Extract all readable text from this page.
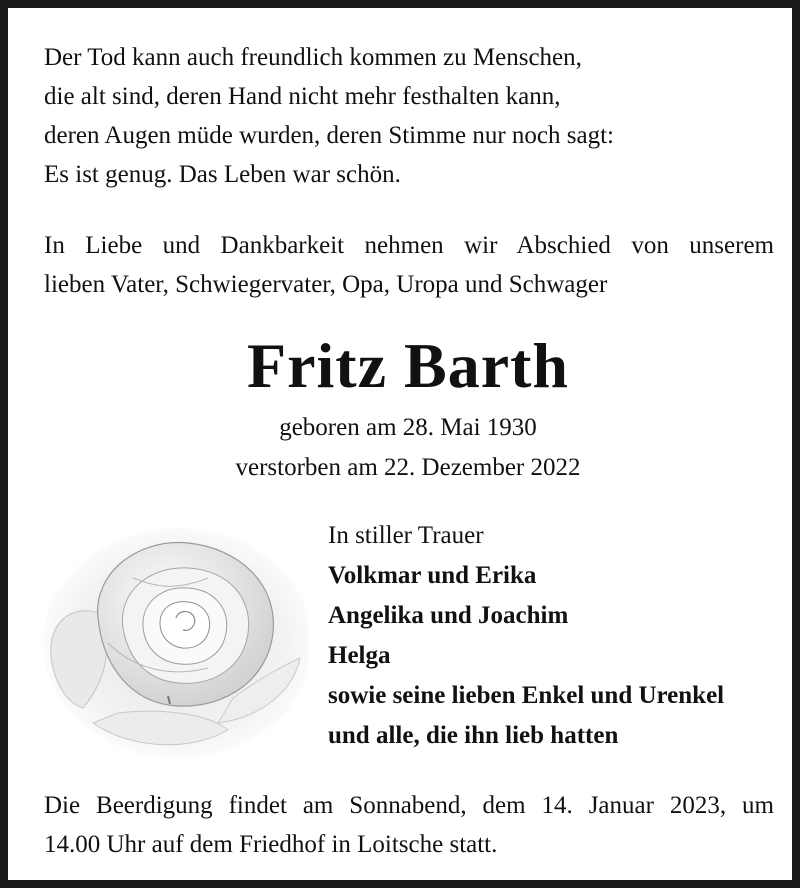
Der Tod kann auch freundlich kommen zu Menschen,
die alt sind, deren Hand nicht mehr festhalten kann,
deren Augen müde wurden, deren Stimme nur noch sagt:
Es ist genug. Das Leben war schön.
In Liebe und Dankbarkeit nehmen wir Abschied von unserem
lieben Vater, Schwiegervater, Opa, Uropa und Schwager
Fritz Barth
geboren am 28. Mai 1930
verstorben am 22. Dezember 2022
In stiller Trauer
Volkmar und Erika
Angelika und Joachim
Helga
sowie seine lieben Enkel und Urenkel
und alle, die ihn lieb hatten
Die Beerdigung findet am Sonnabend, dem 14. Januar 2023, um
14.00 Uhr auf dem Friedhof in Loitsche statt.
